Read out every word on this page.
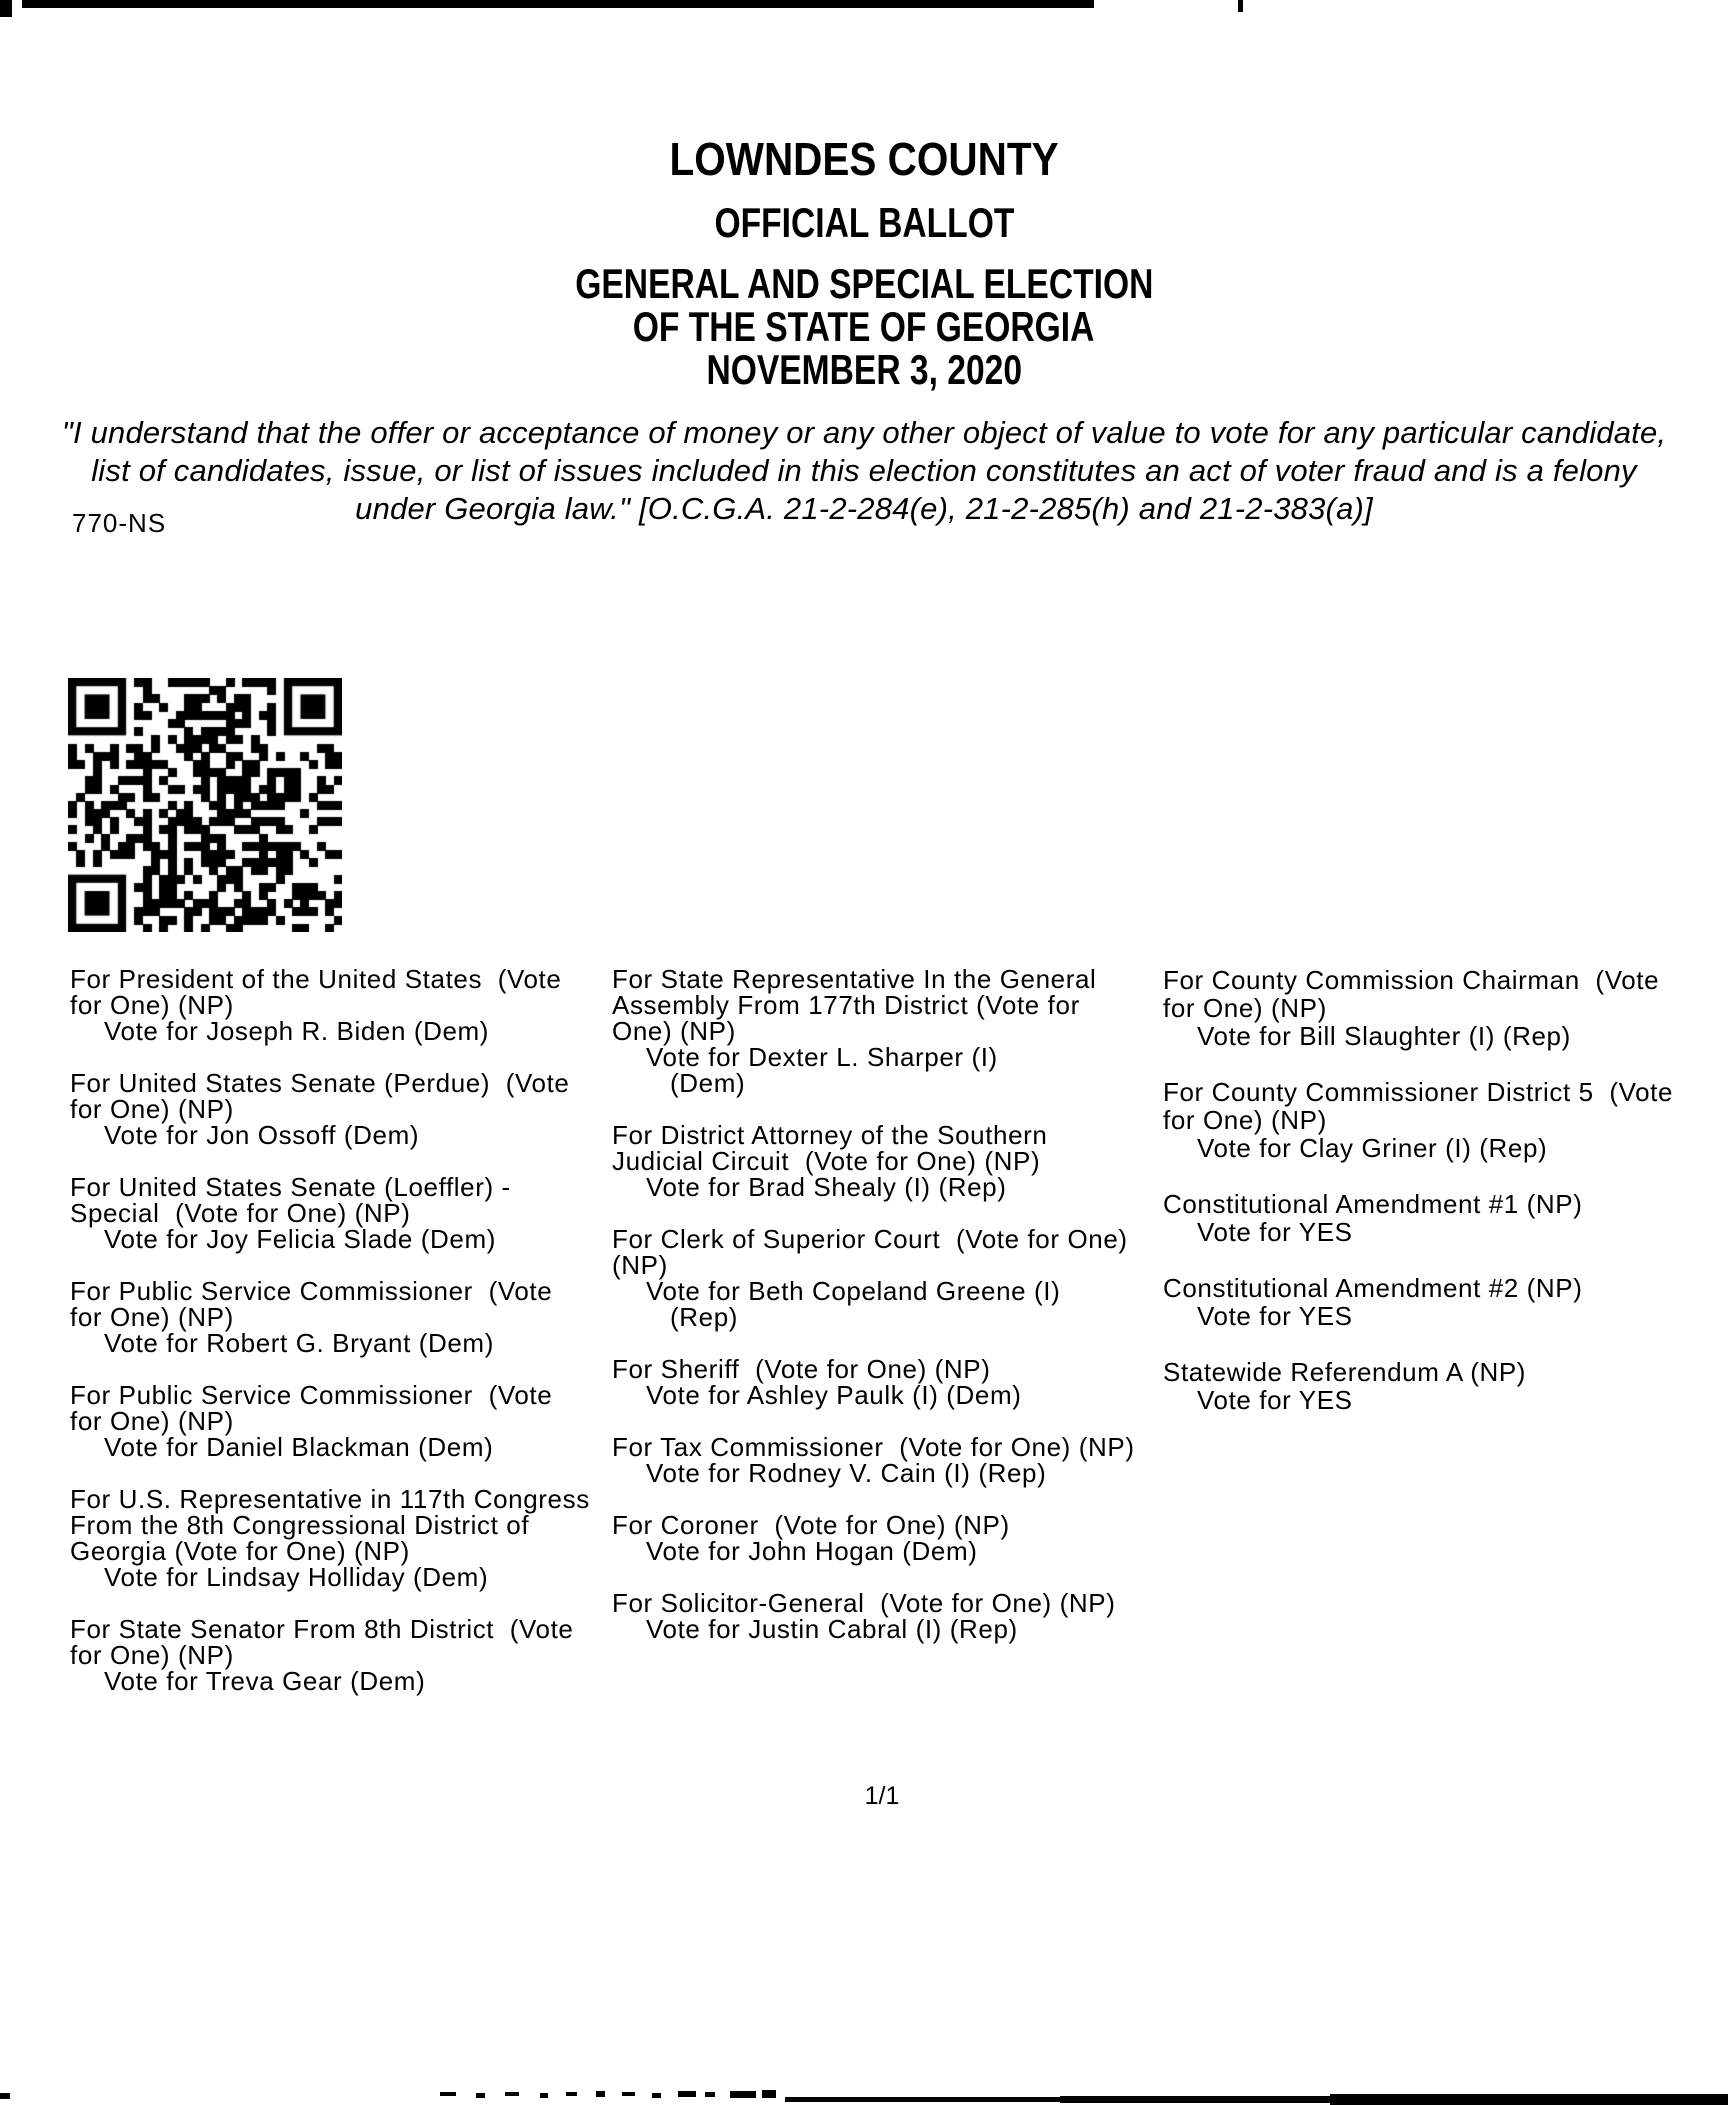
LOWNDES COUNTY
OFFICIAL BALLOT
GENERAL AND SPECIAL ELECTION
OF THE STATE OF GEORGIA
NOVEMBER 3, 2020
"I understand that the offer or acceptance of money or any other object of value to vote for any particular candidate,
list of candidates, issue, or list of issues included in this election constitutes an act of voter fraud and is a felony
under Georgia law." [O.C.G.A. 21-2-284(e), 21-2-285(h) and 21-2-383(a)]
770-NS
For President of the United States  (Vote
for One) (NP)
Vote for Joseph R. Biden (Dem)
For United States Senate (Perdue)  (Vote
for One) (NP)
Vote for Jon Ossoff (Dem)
For United States Senate (Loeffler) -
Special  (Vote for One) (NP)
Vote for Joy Felicia Slade (Dem)
For Public Service Commissioner  (Vote
for One) (NP)
Vote for Robert G. Bryant (Dem)
For Public Service Commissioner  (Vote
for One) (NP)
Vote for Daniel Blackman (Dem)
For U.S. Representative in 117th Congress
From the 8th Congressional District of
Georgia (Vote for One) (NP)
Vote for Lindsay Holliday (Dem)
For State Senator From 8th District  (Vote
for One) (NP)
Vote for Treva Gear (Dem)
For State Representative In the General
Assembly From 177th District (Vote for
One) (NP)
Vote for Dexter L. Sharper (I)
(Dem)
For District Attorney of the Southern
Judicial Circuit  (Vote for One) (NP)
Vote for Brad Shealy (I) (Rep)
For Clerk of Superior Court  (Vote for One)
(NP)
Vote for Beth Copeland Greene (I)
(Rep)
For Sheriff  (Vote for One) (NP)
Vote for Ashley Paulk (I) (Dem)
For Tax Commissioner  (Vote for One) (NP)
Vote for Rodney V. Cain (I) (Rep)
For Coroner  (Vote for One) (NP)
Vote for John Hogan (Dem)
For Solicitor-General  (Vote for One) (NP)
Vote for Justin Cabral (I) (Rep)
For County Commission Chairman  (Vote
for One) (NP)
Vote for Bill Slaughter (I) (Rep)
For County Commissioner District 5  (Vote
for One) (NP)
Vote for Clay Griner (I) (Rep)
Constitutional Amendment #1 (NP)
Vote for YES
Constitutional Amendment #2 (NP)
Vote for YES
Statewide Referendum A (NP)
Vote for YES
1/1
